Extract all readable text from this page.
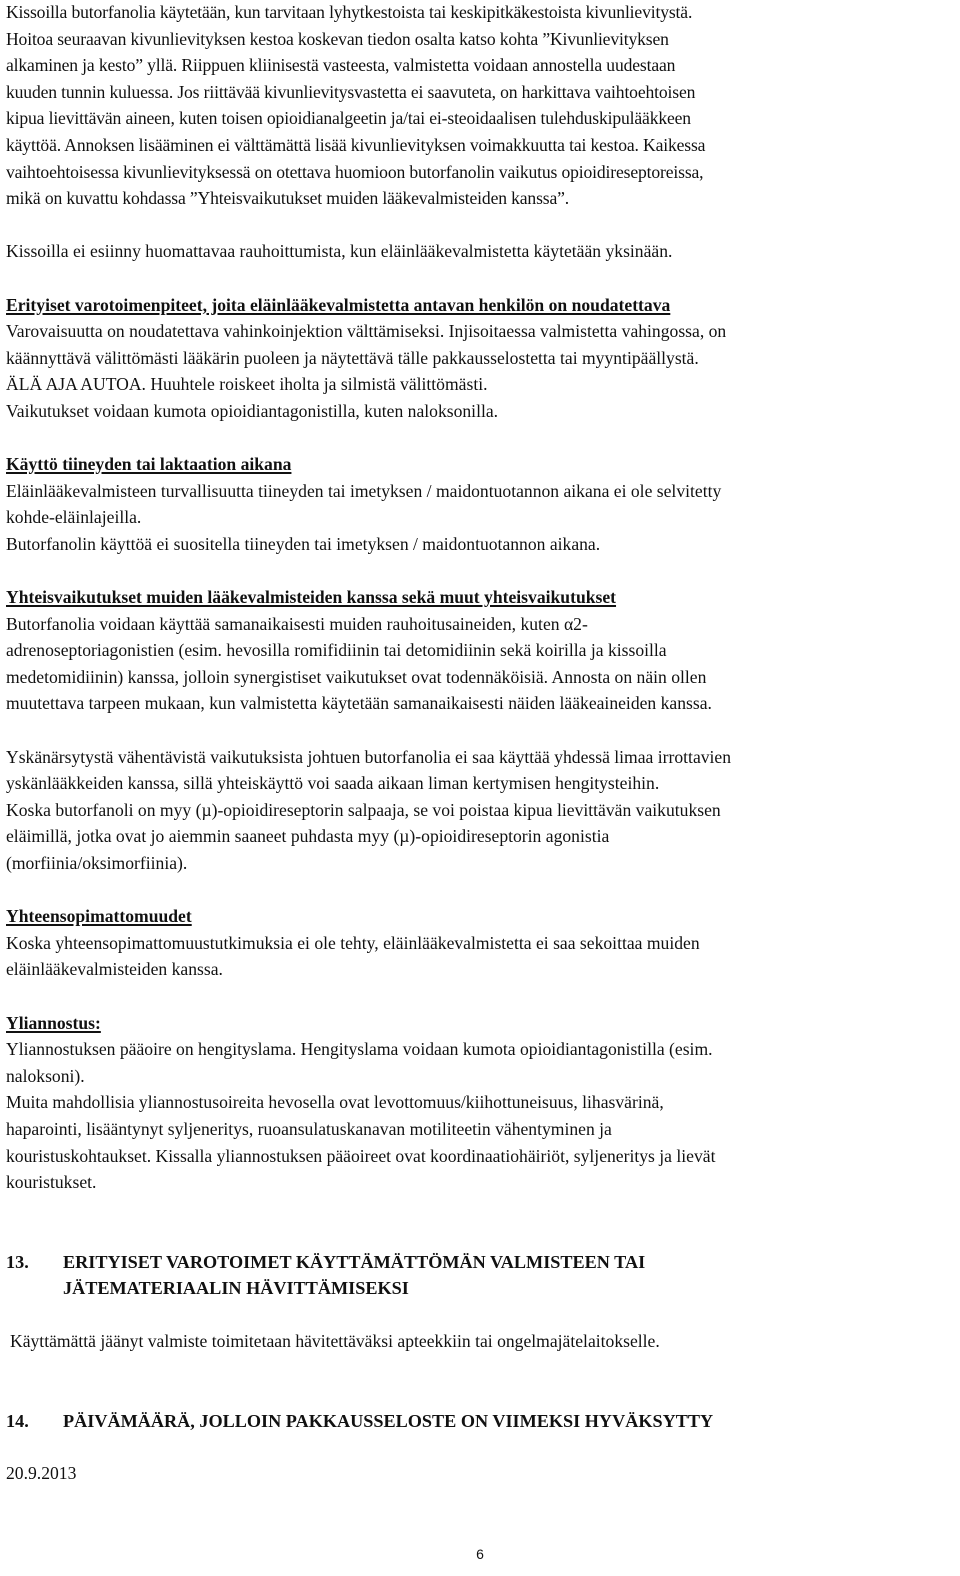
Kissoilla butorfanolia käytetään, kun tarvitaan lyhytkestoista tai keskipitkäkestoista kivunlievitystä.

Hoitoa seuraavan kivunlievityksen kestoa koskevan tiedon osalta katso kohta ”Kivunlievityksen

alkaminen ja kesto” yllä. Riippuen kliinisestä vasteesta, valmistetta voidaan annostella uudestaan

kuuden tunnin kuluessa. Jos riittävää kivunlievitysvastetta ei saavuteta, on harkittava vaihtoehtoisen

kipua lievittävän aineen, kuten toisen opioidianalgeetin ja/tai ei-steoidaalisen tulehduskipulääkkeen

käyttöä. Annoksen lisääminen ei välttämättä lisää kivunlievityksen voimakkuutta tai kestoa. Kaikessa

vaihtoehtoisessa kivunlievityksessä on otettava huomioon butorfanolin vaikutus opioidireseptoreissa,

mikä on kuvattu kohdassa ”Yhteisvaikutukset muiden lääkevalmisteiden kanssa”.

Kissoilla ei esiinny huomattavaa rauhoittumista, kun eläinlääkevalmistetta käytetään yksinään.

Erityiset varotoimenpiteet, joita eläinlääkevalmistetta antavan henkilön on noudatettava

Varovaisuutta on noudatettava vahinkoinjektion välttämiseksi. Injisoitaessa valmistetta vahingossa, on

käännyttävä välittömästi lääkärin puoleen ja näytettävä tälle pakkausselostetta tai myyntipäällystä.

ÄLÄ AJA AUTOA. Huuhtele roiskeet iholta ja silmistä välittömästi.

Vaikutukset voidaan kumota opioidiantagonistilla, kuten naloksonilla.

Käyttö tiineyden tai laktaation aikana

Eläinlääkevalmisteen turvallisuutta tiineyden tai imetyksen / maidontuotannon aikana ei ole selvitetty

kohde-eläinlajeilla.

Butorfanolin käyttöä ei suositella tiineyden tai imetyksen / maidontuotannon aikana.

Yhteisvaikutukset muiden lääkevalmisteiden kanssa sekä muut yhteisvaikutukset

Butorfanolia voidaan käyttää samanaikaisesti muiden rauhoitusaineiden, kuten α2-

adrenoseptoriagonistien (esim. hevosilla romifidiinin tai detomidiinin sekä koirilla ja kissoilla

medetomidiinin) kanssa, jolloin synergistiset vaikutukset ovat todennäköisiä. Annosta on näin ollen

muutettava tarpeen mukaan, kun valmistetta käytetään samanaikaisesti näiden lääkeaineiden kanssa.

Yskänärsytystä vähentävistä vaikutuksista johtuen butorfanolia ei saa käyttää yhdessä limaa irrottavien

yskänlääkkeiden kanssa, sillä yhteiskäyttö voi saada aikaan liman kertymisen hengitysteihin.

Koska butorfanoli on myy (µ)-opioidireseptorin salpaaja, se voi poistaa kipua lievittävän vaikutuksen

eläimillä, jotka ovat jo aiemmin saaneet puhdasta myy (µ)-opioidireseptorin agonistia

(morfiinia/oksimorfiinia).

Yhteensopimattomuudet

Koska yhteensopimattomuustutkimuksia ei ole tehty, eläinlääkevalmistetta ei saa sekoittaa muiden

eläinlääkevalmisteiden kanssa.

Yliannostus:

Yliannostuksen pääoire on hengityslama. Hengityslama voidaan kumota opioidiantagonistilla (esim.

naloksoni).

Muita mahdollisia yliannostusoireita hevosella ovat levottomuus/kiihottuneisuus, lihasvärinä,

haparointi, lisääntynyt syljeneritys, ruoansulatuskanavan motiliteetin vähentyminen ja

kouristuskohtaukset. Kissalla yliannostuksen pääoireet ovat koordinaatiohäiriöt, syljeneritys ja lievät

kouristukset.

13.	ERITYISET VAROTOIMET KÄYTTÄMÄTTÖMÄN VALMISTEEN TAI

JÄTEMATERIAALIN HÄVITTÄMISEKSI

Käyttämättä jäänyt valmiste toimitetaan hävitettäväksi apteekkiin tai ongelmajätelaitokselle.

14.	PÄIVÄMÄÄRÄ, JOLLOIN PAKKAUSSELOSTE ON VIIMEKSI HYVÄKSYTTY

20.9.2013

6
